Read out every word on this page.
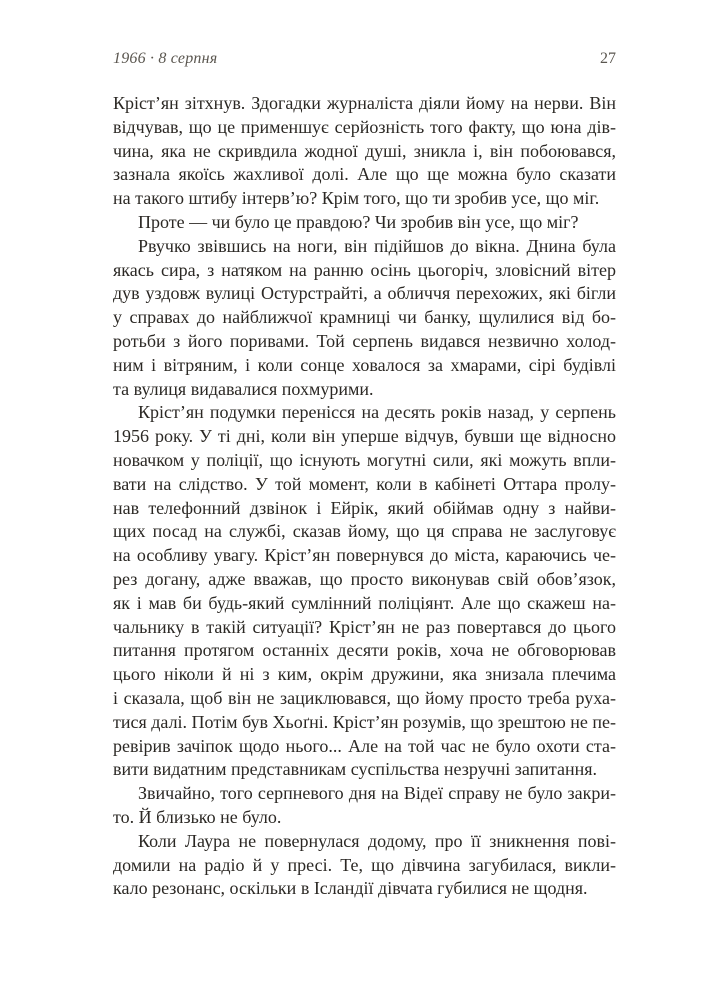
1966 · 8 серпня	27
Кріст’ян зітхнув. Здогадки журналіста діяли йому на нерви. Він
відчував, що це применшує серйозність того факту, що юна дів-
чина, яка не скривдила жодної душі, зникла і, він побоювався,
зазнала якоїсь жахливої долі. Але що ще можна було сказати
на такого штибу інтерв’ю? Крім того, що ти зробив усе, що міг.
Проте — чи було це правдою? Чи зробив він усе, що міг?
Рвучко звівшись на ноги, він підійшов до вікна. Днина була
якась сира, з натяком на ранню осінь цьогоріч, зловісний вітер
дув уздовж вулиці Остурстрайті, а обличчя перехожих, які бігли
у справах до найближчої крамниці чи банку, щулилися від бо-
ротьби з його поривами. Той серпень видався незвично холод-
ним і вітряним, і коли сонце ховалося за хмарами, сірі будівлі
та вулиця видавалися похмурими.
Кріст’ян подумки перенісся на десять років назад, у серпень
1956 року. У ті дні, коли він уперше відчув, бувши ще відносно
новачком у поліції, що існують могутні сили, які можуть впли-
вати на слідство. У той момент, коли в кабінеті Оттара пролу-
нав телефонний дзвінок і Ейрік, який обіймав одну з найви-
щих посад на службі, сказав йому, що ця справа не заслуговує
на особливу увагу. Кріст’ян повернувся до міста, караючись че-
рез догану, адже вважав, що просто виконував свій обов’язок,
як і мав би будь-який сумлінний поліціянт. Але що скажеш на-
чальнику в такій ситуації? Кріст’ян не раз повертався до цього
питання протягом останніх десяти років, хоча не обговорював
цього ніколи й ні з ким, окрім дружини, яка знизала плечима
і сказала, щоб він не зациклювався, що йому просто треба руха-
тися далі. Потім був Хьоґні. Кріст’ян розумів, що зрештою не пе-
ревірив зачіпок щодо нього... Але на той час не було охоти ста-
вити видатним представникам суспільства незручні запитання.
Звичайно, того серпневого дня на Відеї справу не було закри-
то. Й близько не було.
Коли Лаура не повернулася додому, про її зникнення пові-
домили на радіо й у пресі. Те, що дівчина загубилася, викли-
кало резонанс, оскільки в Ісландії дівчата губилися не щодня.
